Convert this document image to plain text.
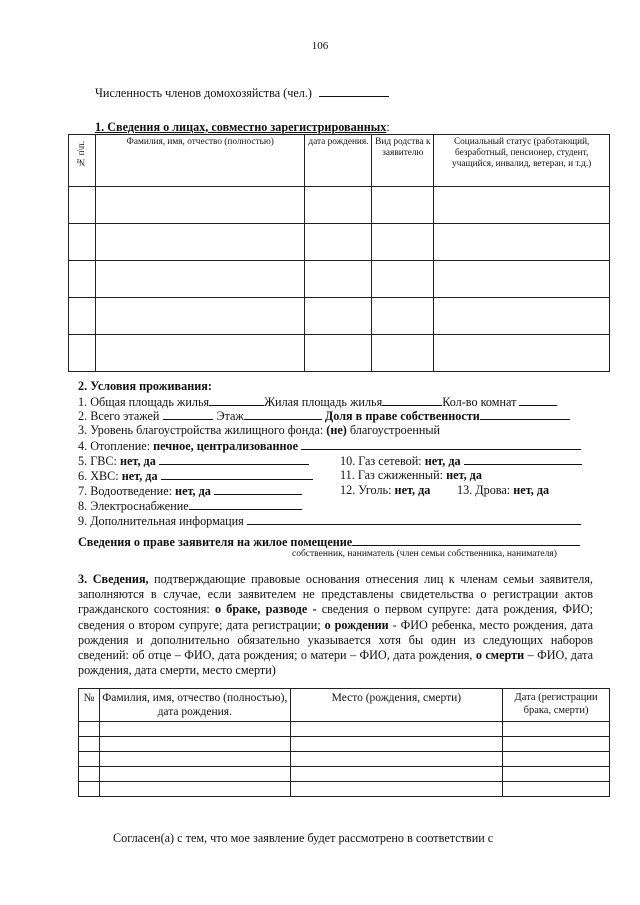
106
Численность членов домохозяйства (чел.)
1. Сведения о лицах, совместно зарегистрированных:
№ п\п.	Фамилия, имя, отчество (полностью)	дата рождения.	Вид родства к заявителю	Социальный статус (работающий, безработный, пенсионер, студент, учащийся, инвалид, ветеран, и т.д.)

2. Условия проживания:
1. Общая площадь жилья	Жилая площадь жилья	Кол-во комнат
2. Всего этажей	Этаж	Доля в праве собственности
3. Уровень благоустройства жилищного фонда: (не) благоустроенный
4. Отопление: печное, централизованное
5. ГВС: нет, да	10. Газ сетевой: нет, да
6. ХВС: нет, да	11. Газ сжиженный: нет, да
7. Водоотведение: нет, да	12. Уголь: нет, да 13. Дрова: нет, да
8. Электроснабжение
9. Дополнительная информация
Сведения о праве заявителя на жилое помещение
собственник, наниматель (член семьи собственника, нанимателя)
3. Сведения, подтверждающие правовые основания отнесения лиц к членам семьи заявителя, заполняются в случае, если заявителем не представлены свидетельства о регистрации актов гражданского состояния: о браке, разводе - сведения о первом супруге: дата рождения, ФИО; сведения о втором супруге; дата регистрации; о рождении - ФИО ребенка, место рождения, дата рождения и дополнительно обязательно указывается хотя бы один из следующих наборов сведений: об отце – ФИО, дата рождения; о матери – ФИО, дата рождения, о смерти – ФИО, дата рождения, дата смерти, место смерти)
№	Фамилия, имя, отчество (полностью), дата рождения.	Место (рождения, смерти)	Дата (регистрации брака, смерти)

Согласен(а) с тем, что мое заявление будет рассмотрено в соответствии с
